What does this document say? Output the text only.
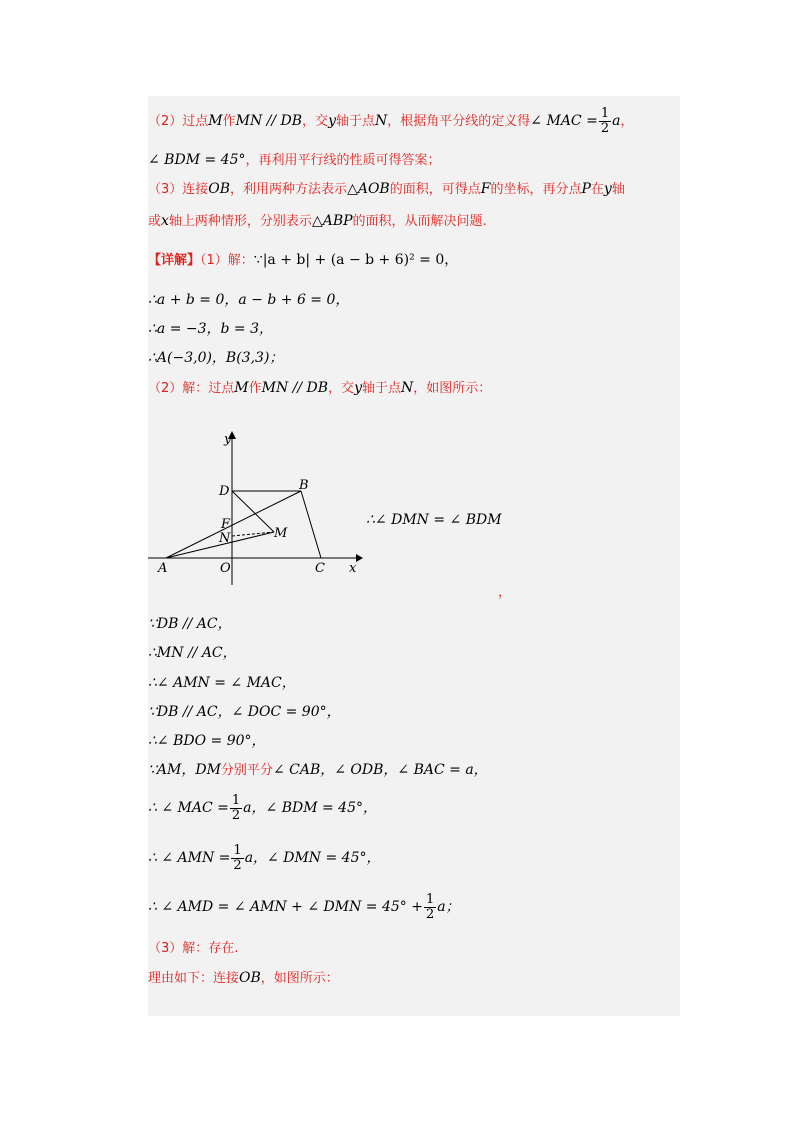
（2）过点M作MN // DB，交y轴于点N，根据角平分线的定义得∠ MAC = $\frac{1}{2}$ a，
∠ BDM = 45°，再利用平行线的性质可得答案；
（3）连接OB，利用两种方法表示△AOB的面积，可得点F的坐标，再分点P在y轴
或x轴上两种情形，分别表示△ABP的面积，从而解决问题.
【详解】（1）解：∵|a + b| + (a − b + 6)² = 0，
∴a + b = 0，a − b + 6 = 0，
∴a = −3，b = 3，
∴A(−3,0)，B(3,3)；
（2）解：过点M作MN // DB，交y轴于点N，如图所示：
y
x
D	B
F
N	M
A	O	C
∴∠ DMN = ∠ BDM
，
∵DB // AC，
∴MN // AC，
∴∠ AMN = ∠ MAC，
∵DB // AC，∠ DOC = 90°，
∴∠ BDO = 90°，
∵AM，DM分别平分∠ CAB，∠ ODB，∠ BAC = a，
∴ ∠ MAC = $\frac{1}{2}$ a，∠ BDM = 45°，
∴ ∠ AMN = $\frac{1}{2}$ a，∠ DMN = 45°，
∴ ∠ AMD = ∠ AMN + ∠ DMN = $45^\circ + \frac{1}{2}$ a；
（3）解：存在.
理由如下：连接OB，如图所示：
